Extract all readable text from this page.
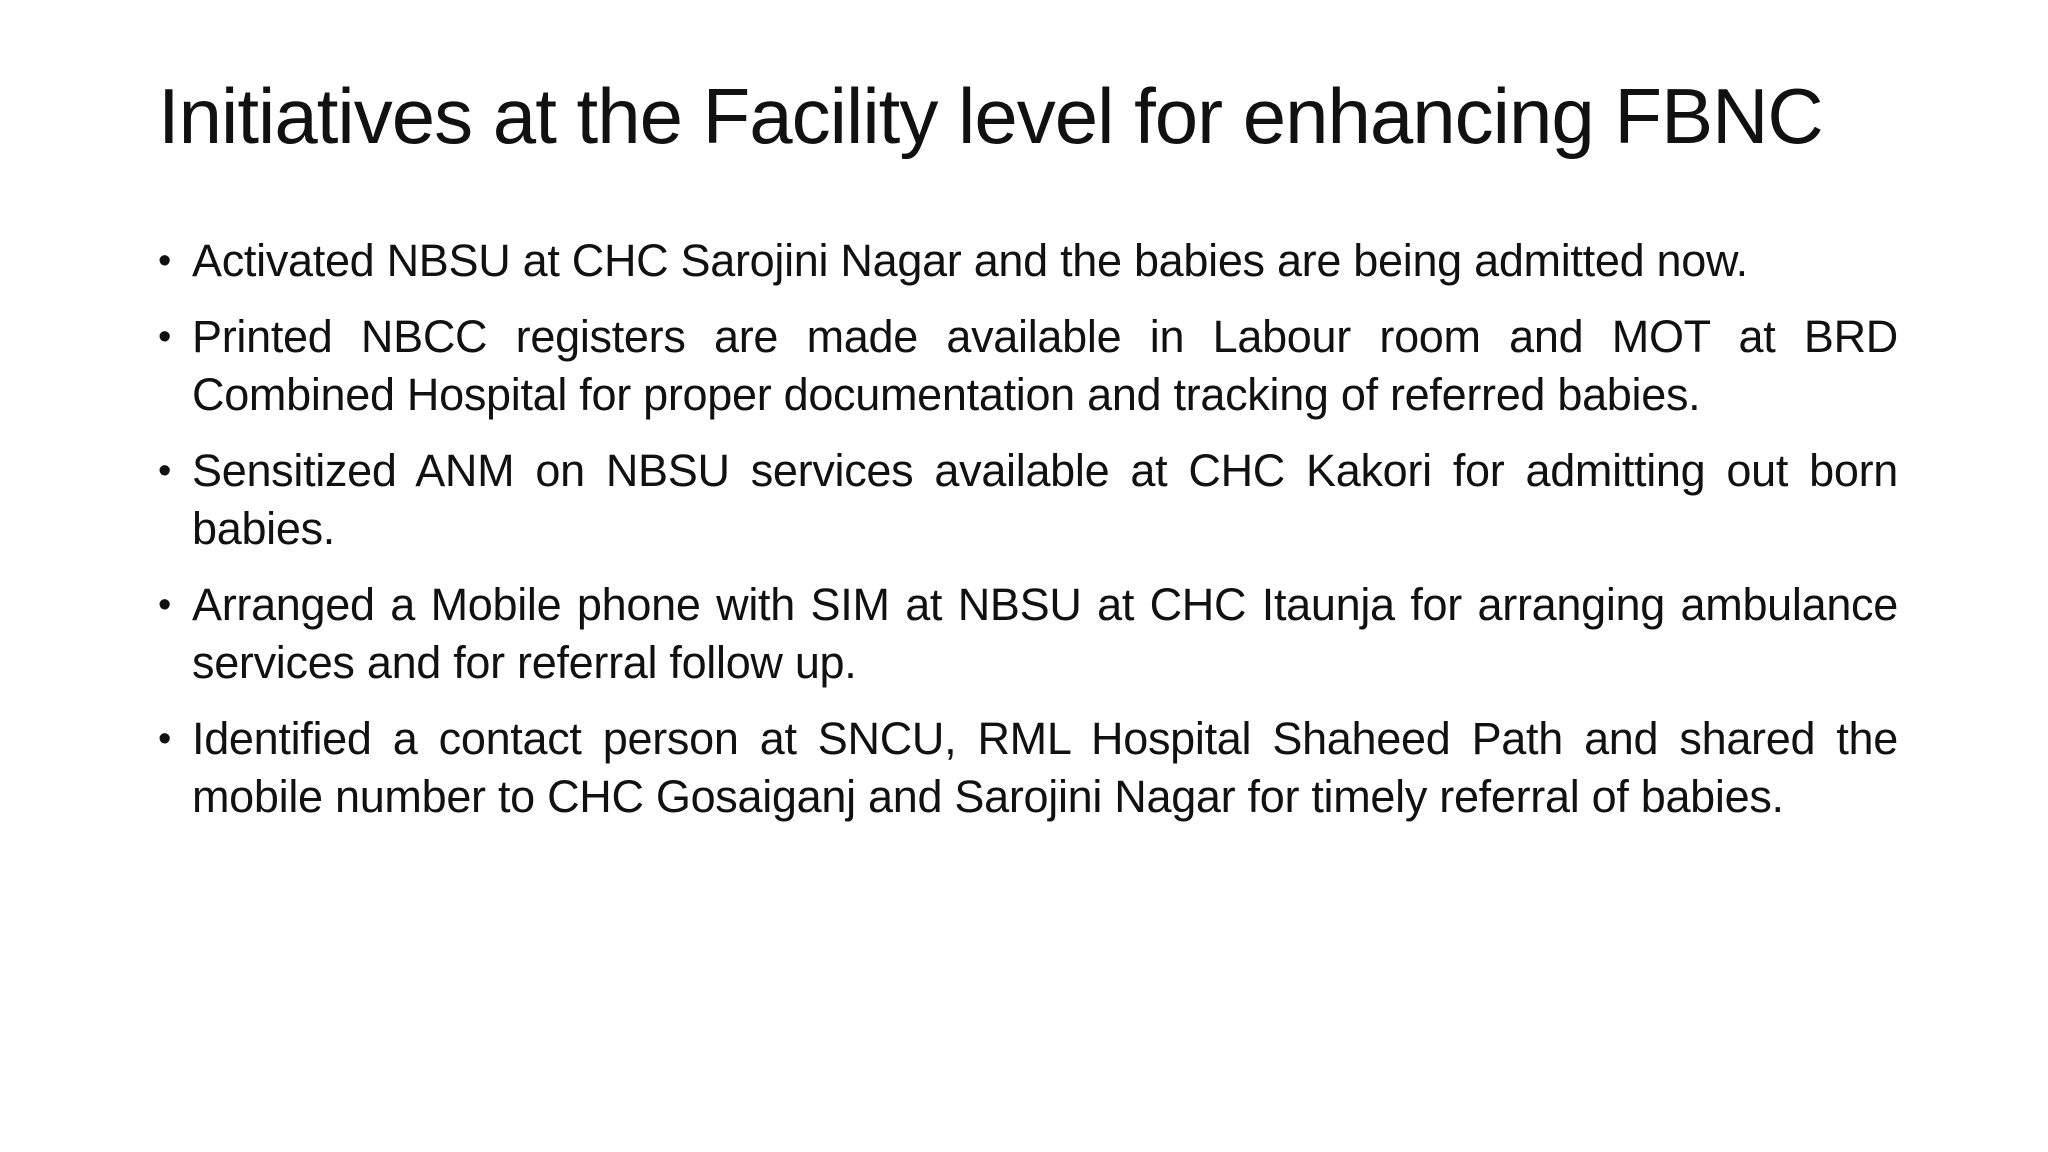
Initiatives at the Facility level for enhancing FBNC
• Activated NBSU at CHC Sarojini Nagar and the babies are being admitted now.
• Printed NBCC registers are made available in Labour room and MOT at BRD Combined Hospital for proper documentation and tracking of referred babies.
• Sensitized ANM on NBSU services available at CHC Kakori for admitting out born babies.
• Arranged a Mobile phone with SIM at NBSU at CHC Itaunja for arranging ambulance services and for referral follow up.
• Identified a contact person at SNCU, RML Hospital Shaheed Path and shared the mobile number to CHC Gosaiganj and Sarojini Nagar for timely referral of babies.
